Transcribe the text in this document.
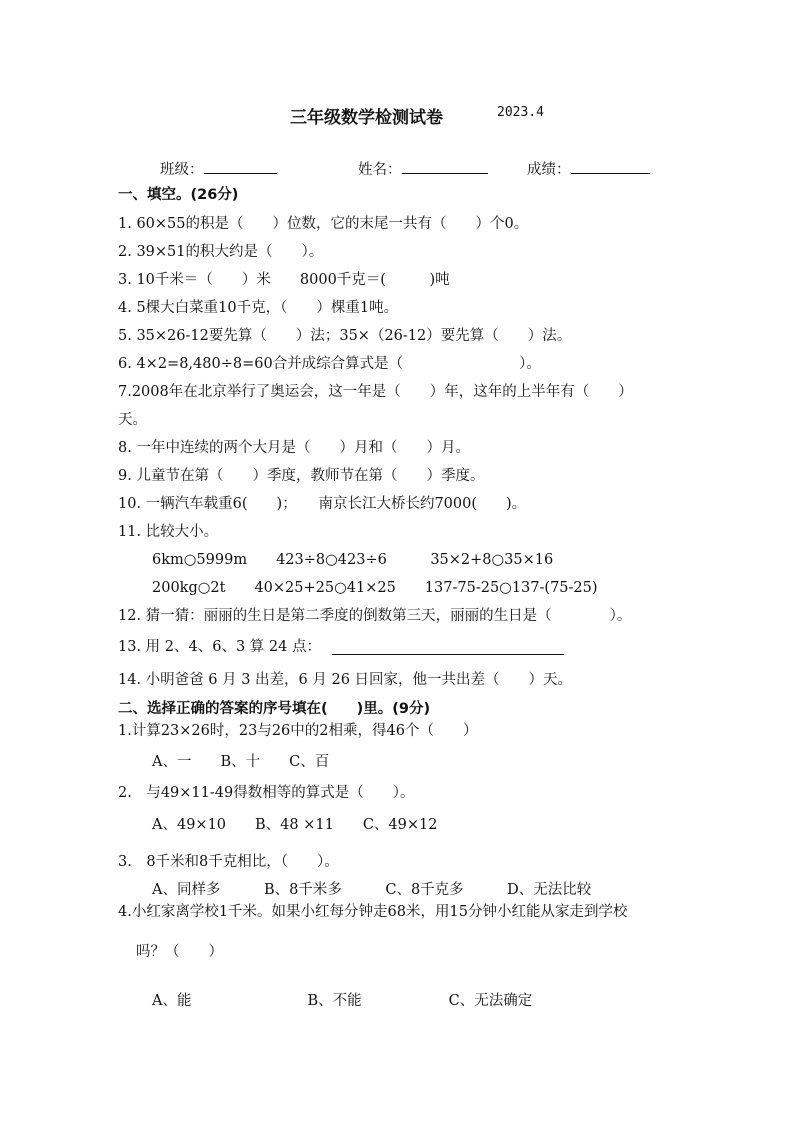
三年级数学检测试卷	2023.4
班级：	姓名：	成绩：
一、填空。(26分)
1. 60×55的积是（　　）位数，它的末尾一共有（　　）个0。
2. 39×51的积大约是（　　）。
3. 10千米＝（　　）米　　8000千克＝(　　　)吨
4. 5棵大白菜重10千克，（　　）棵重1吨。
5. 35×26-12要先算（　　）法；35×（26-12）要先算（　　）法。
6. 4×2=8,480÷8=60合并成综合算式是（　　　　　　　　）。
7.2008年在北京举行了奥运会，这一年是（　　）年，这年的上半年有（　　）
天。
8. 一年中连续的两个大月是（　　）月和（　　）月。
9. 儿童节在第（　　）季度，教师节在第（　　）季度。
10. 一辆汽车载重6(　　)；　　南京长江大桥长约7000(　　)。
11. 比较大小。
6km○5999m　　423÷8○423÷6　　　35×2+8○35×16
200kg○2t　　40×25+25○41×25　　137-75-25○137-(75-25)
12. 猜一猜：丽丽的生日是第二季度的倒数第三天，丽丽的生日是（　　　　）。
13. 用 2、4、6、3 算 24 点：
14. 小明爸爸 6 月 3 出差，6 月 26 日回家，他一共出差（　　）天。
二、选择正确的答案的序号填在(　　)里。(9分)
1.计算23×26时，23与26中的2相乘，得46个（　　）
A、一　　B、十　　C、百
2.　与49×11-49得数相等的算式是（　　）。
A、49×10　　B、48 ×11　　C、49×12
3.　8千米和8千克相比，（　　）。
A、同样多　　　B、8千米多　　　C、8千克多　　　D、无法比较
4.小红家离学校1千米。如果小红每分钟走68米，用15分钟小红能从家走到学校
吗？（　　）
A、能　　　　　　　　B、不能　　　　　　C、无法确定
